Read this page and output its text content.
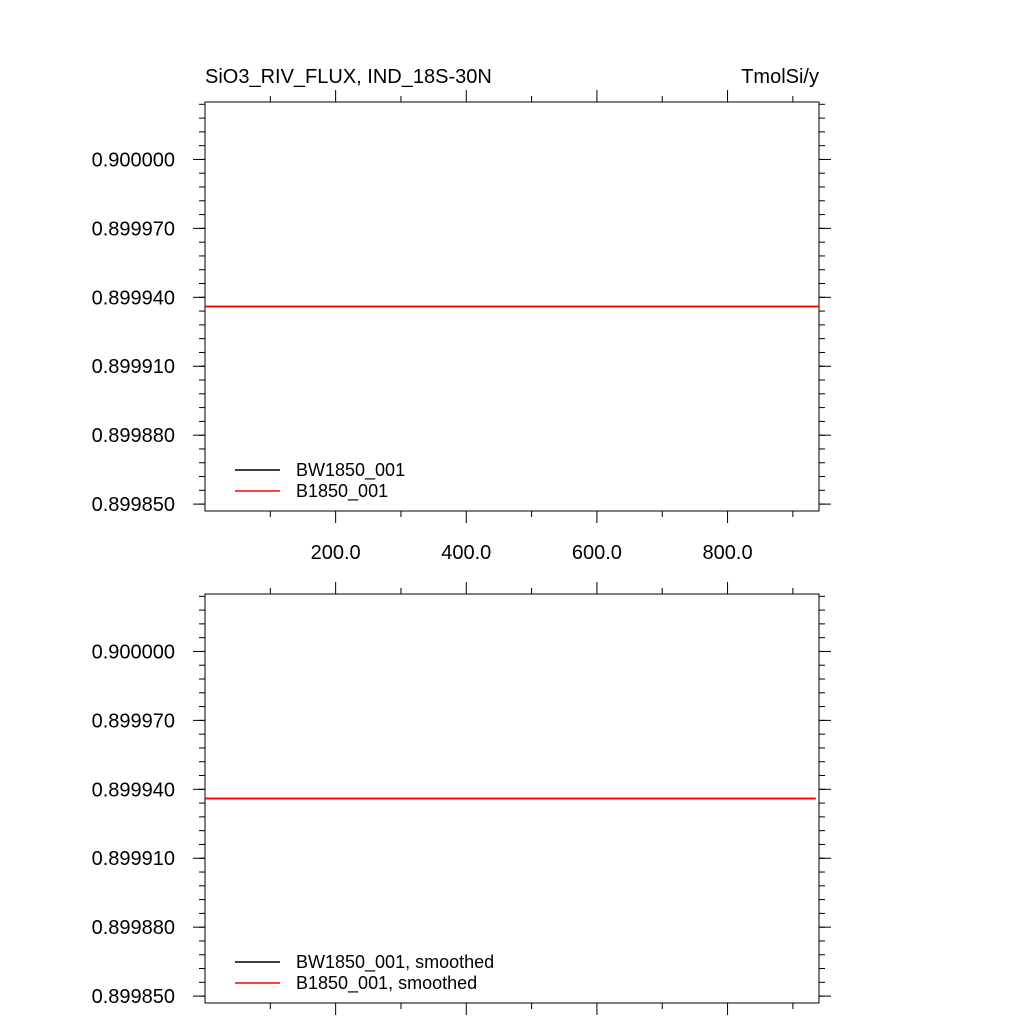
SiO3_RIV_FLUX, IND_18S-30N	TmolSi/y
0.899850
0.899880
0.899910
0.899940
0.899970
0.900000
200.0	400.0	600.0	800.0
BW1850_001
B1850_001
0.899850
0.899880
0.899910
0.899940
0.899970
0.900000
BW1850_001, smoothed
B1850_001, smoothed
